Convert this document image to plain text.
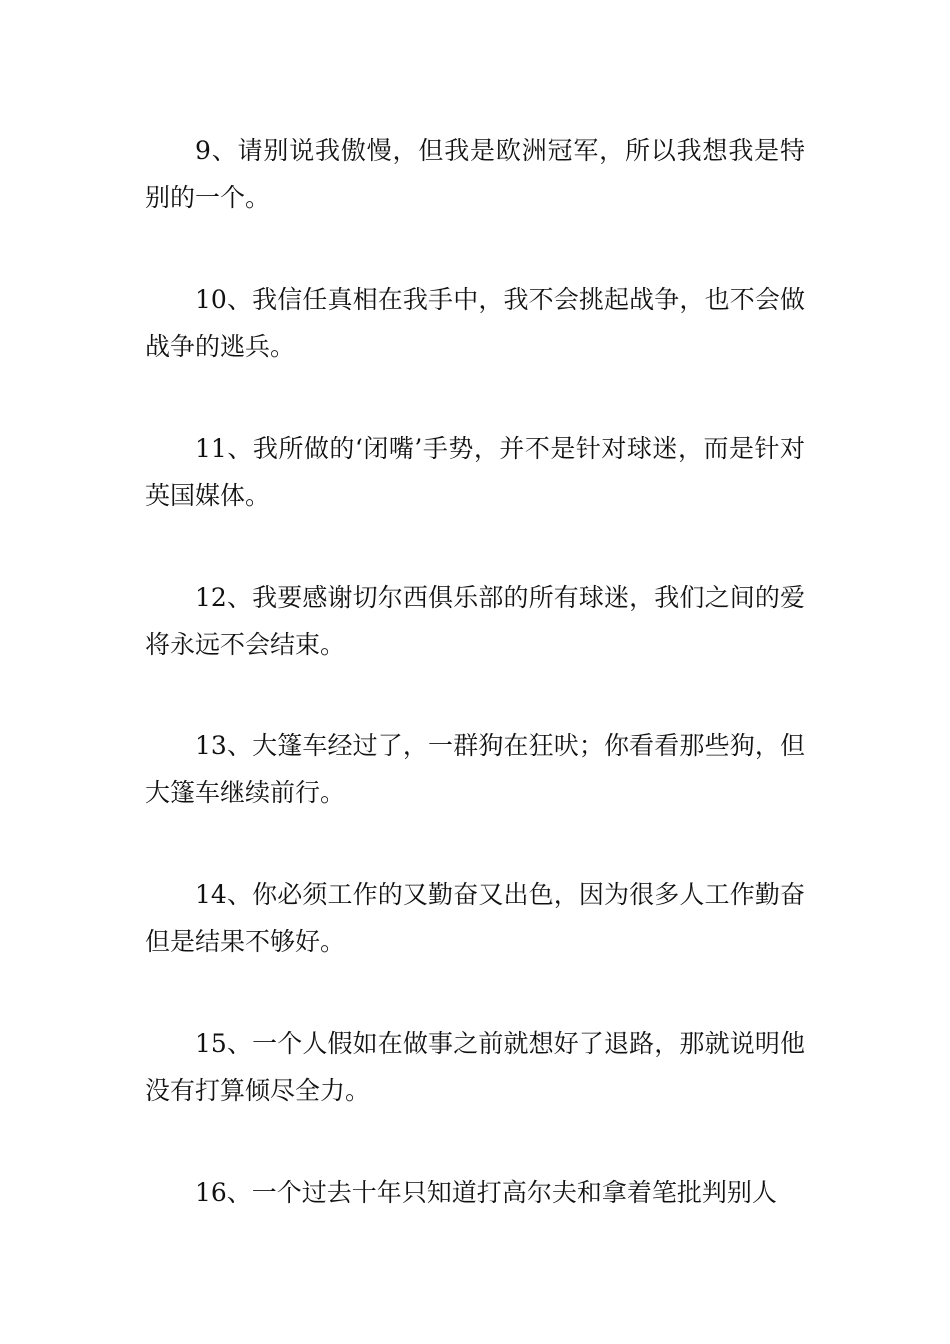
9、请别说我傲慢，但我是欧洲冠军，所以我想我是特别的一个。

10、我信任真相在我手中，我不会挑起战争，也不会做战争的逃兵。

11、我所做的‘闭嘴’手势，并不是针对球迷，而是针对英国媒体。

12、我要感谢切尔西俱乐部的所有球迷，我们之间的爱将永远不会结束。

13、大篷车经过了，一群狗在狂吠；你看看那些狗，但大篷车继续前行。

14、你必须工作的又勤奋又出色，因为很多人工作勤奋但是结果不够好。

15、一个人假如在做事之前就想好了退路，那就说明他没有打算倾尽全力。

16、一个过去十年只知道打高尔夫和拿着笔批判别人
